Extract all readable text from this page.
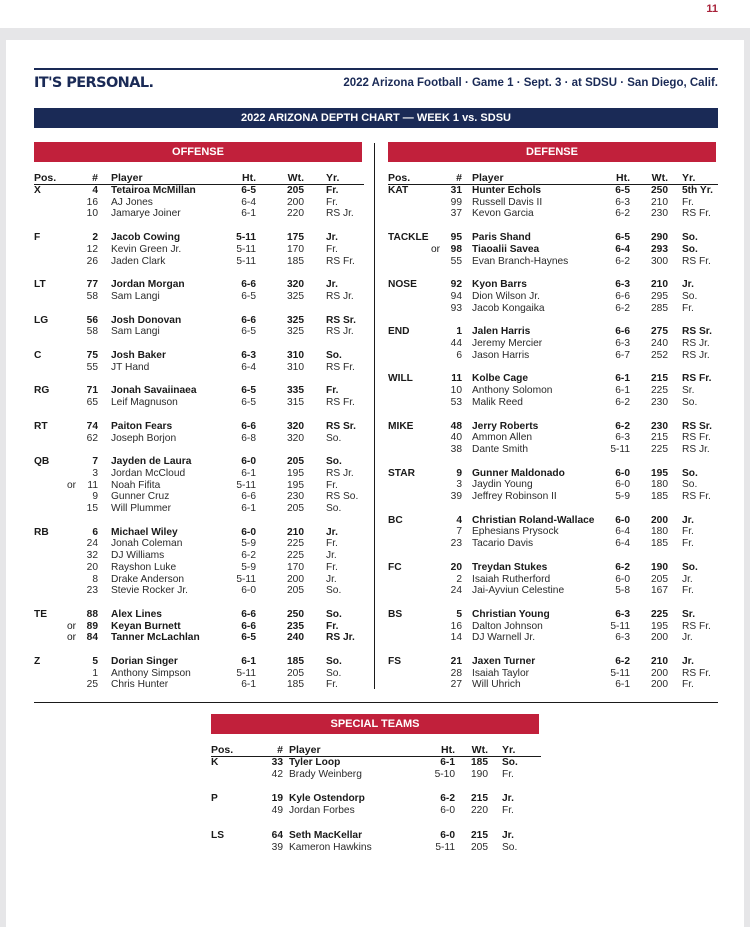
11
IT'S PERSONAL.	2022 Arizona Football · Game 1 · Sept. 3 · at SDSU · San Diego, Calif.
2022 ARIZONA DEPTH CHART — WEEK 1 vs. SDSU
OFFENSE	DEFENSE
Pos.	# Player	Ht.	Wt. Yr.
X	4 Tetairoa McMillan	6-5	205 Fr.
16 AJ Jones	6-4	200 Fr.
10 Jamarye Joiner	6-1	220 RS Jr.
F	2 Jacob Cowing	5-11	175 Jr.
12 Kevin Green Jr.	5-11	170 Fr.
26 Jaden Clark	5-11	185 RS Fr.
LT	77 Jordan Morgan	6-6	320 Jr.
58 Sam Langi	6-5	325 RS Jr.
LG	56 Josh Donovan	6-6	325 RS Sr.
58 Sam Langi	6-5	325 RS Jr.
C	75 Josh Baker	6-3	310 So.
55 JT Hand	6-4	310 RS Fr.
RG	71 Jonah Savaiinaea	6-5	335 Fr.
65 Leif Magnuson	6-5	315 RS Fr.
RT	74 Paiton Fears	6-6	320 RS Sr.
62 Joseph Borjon	6-8	320 So.
QB	7 Jayden de Laura	6-0	205 So.
3 Jordan McCloud	6-1	195 RS Jr.
or	11 Noah Fifita	5-11	195 Fr.
9 Gunner Cruz	6-6	230 RS So.
15 Will Plummer	6-1	205 So.
RB	6 Michael Wiley	6-0	210 Jr.
24 Jonah Coleman	5-9	225 Fr.
32 DJ Williams	6-2	225 Jr.
20 Rayshon Luke	5-9	170 Fr.
8 Drake Anderson	5-11	200 Jr.
23 Stevie Rocker Jr.	6-0	205 So.
TE	88 Alex Lines	6-6	250 So.
or	89 Keyan Burnett	6-6	235 Fr.
or	84 Tanner McLachlan	6-5	240 RS Jr.
Z	5 Dorian Singer	6-1	185 So.
1 Anthony Simpson	5-11	205 So.
25 Chris Hunter	6-1	185 Fr.
Pos.	# Player	Ht.	Wt. Yr.
KAT	31 Hunter Echols	6-5	250 5th Yr.
99 Russell Davis II	6-3	210 Fr.
37 Kevon Garcia	6-2	230 RS Fr.
TACKLE	95 Paris Shand	6-5	290 So.
or	98 Tiaoalii Savea	6-4	293 So.
55 Evan Branch-Haynes	6-2	300 RS Fr.
NOSE	92 Kyon Barrs	6-3	210 Jr.
94 Dion Wilson Jr.	6-6	295 So.
93 Jacob Kongaika	6-2	285 Fr.
END	1 Jalen Harris	6-6	275 RS Sr.
44 Jeremy Mercier	6-3	240 RS Jr.
6 Jason Harris	6-7	252 RS Jr.
WILL	11 Kolbe Cage	6-1	215 RS Fr.
10 Anthony Solomon	6-1	225 Sr.
53 Malik Reed	6-2	230 So.
MIKE	48 Jerry Roberts	6-2	230 RS Sr.
40 Ammon Allen	6-3	215 RS Fr.
38 Dante Smith	5-11	225 RS Jr.
STAR	9 Gunner Maldonado	6-0	195 So.
3 Jaydin Young	6-0	180 So.
39 Jeffrey Robinson II	5-9	185 RS Fr.
BC	4 Christian Roland-Wallace	6-0	200 Jr.
7 Ephesians Prysock	6-4	180 Fr.
23 Tacario Davis	6-4	185 Fr.
FC	20 Treydan Stukes	6-2	190 So.
2 Isaiah Rutherford	6-0	205 Jr.
24 Jai-Ayviun Celestine	5-8	167 Fr.
BS	5 Christian Young	6-3	225 Sr.
16 Dalton Johnson	5-11	195 RS Fr.
14 DJ Warnell Jr.	6-3	200 Jr.
FS	21 Jaxen Turner	6-2	210 Jr.
28 Isaiah Taylor	5-11	200 RS Fr.
27 Will Uhrich	6-1	200 Fr.
SPECIAL TEAMS
Pos.	# Player	Ht.	Wt. Yr.
K	33 Tyler Loop	6-1	185 So.
42 Brady Weinberg	5-10	190 Fr.
P	19 Kyle Ostendorp	6-2	215 Jr.
49 Jordan Forbes	6-0	220 Fr.
LS	64 Seth MacKellar	6-0	215 Jr.
39 Kameron Hawkins	5-11	205 So.
